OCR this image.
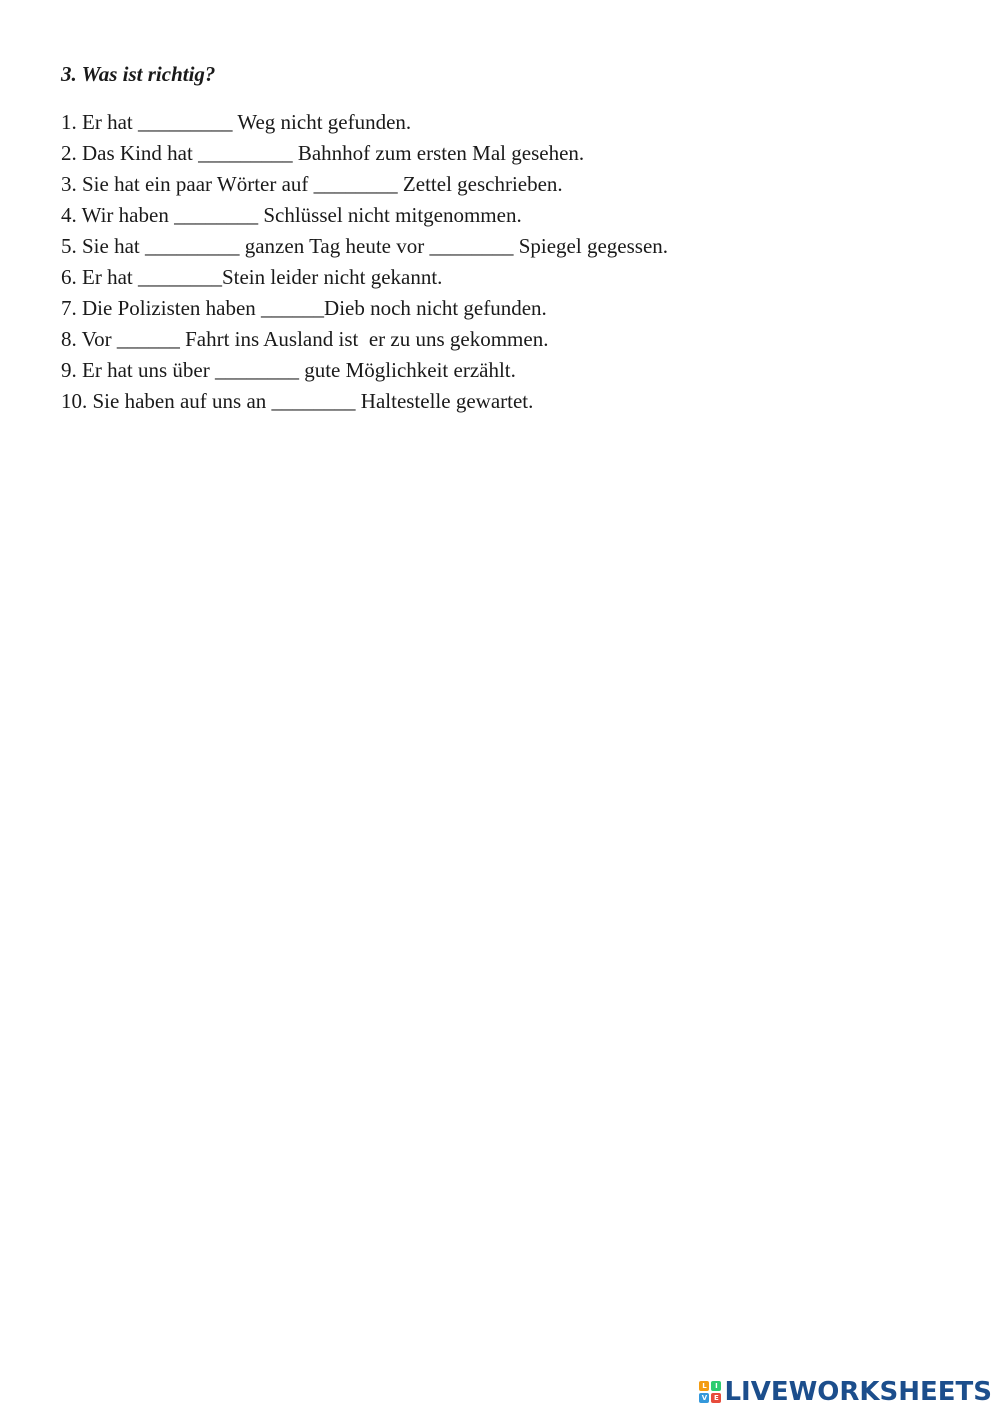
3. Was ist richtig?
1. Er hat _________ Weg nicht gefunden.
2. Das Kind hat _________ Bahnhof zum ersten Mal gesehen.
3. Sie hat ein paar Wörter auf ________ Zettel geschrieben.
4. Wir haben ________ Schlüssel nicht mitgenommen.
5. Sie hat _________ ganzen Tag heute vor ________ Spiegel gegessen.
6. Er hat ________Stein leider nicht gekannt.
7. Die Polizisten haben ______Dieb noch nicht gefunden.
8. Vor ______ Fahrt ins Ausland ist  er zu uns gekommen.
9. Er hat uns über ________ gute Möglichkeit erzählt.
10. Sie haben auf uns an ________ Haltestelle gewartet.
L	I
V E LIVEWORKSHEETS
